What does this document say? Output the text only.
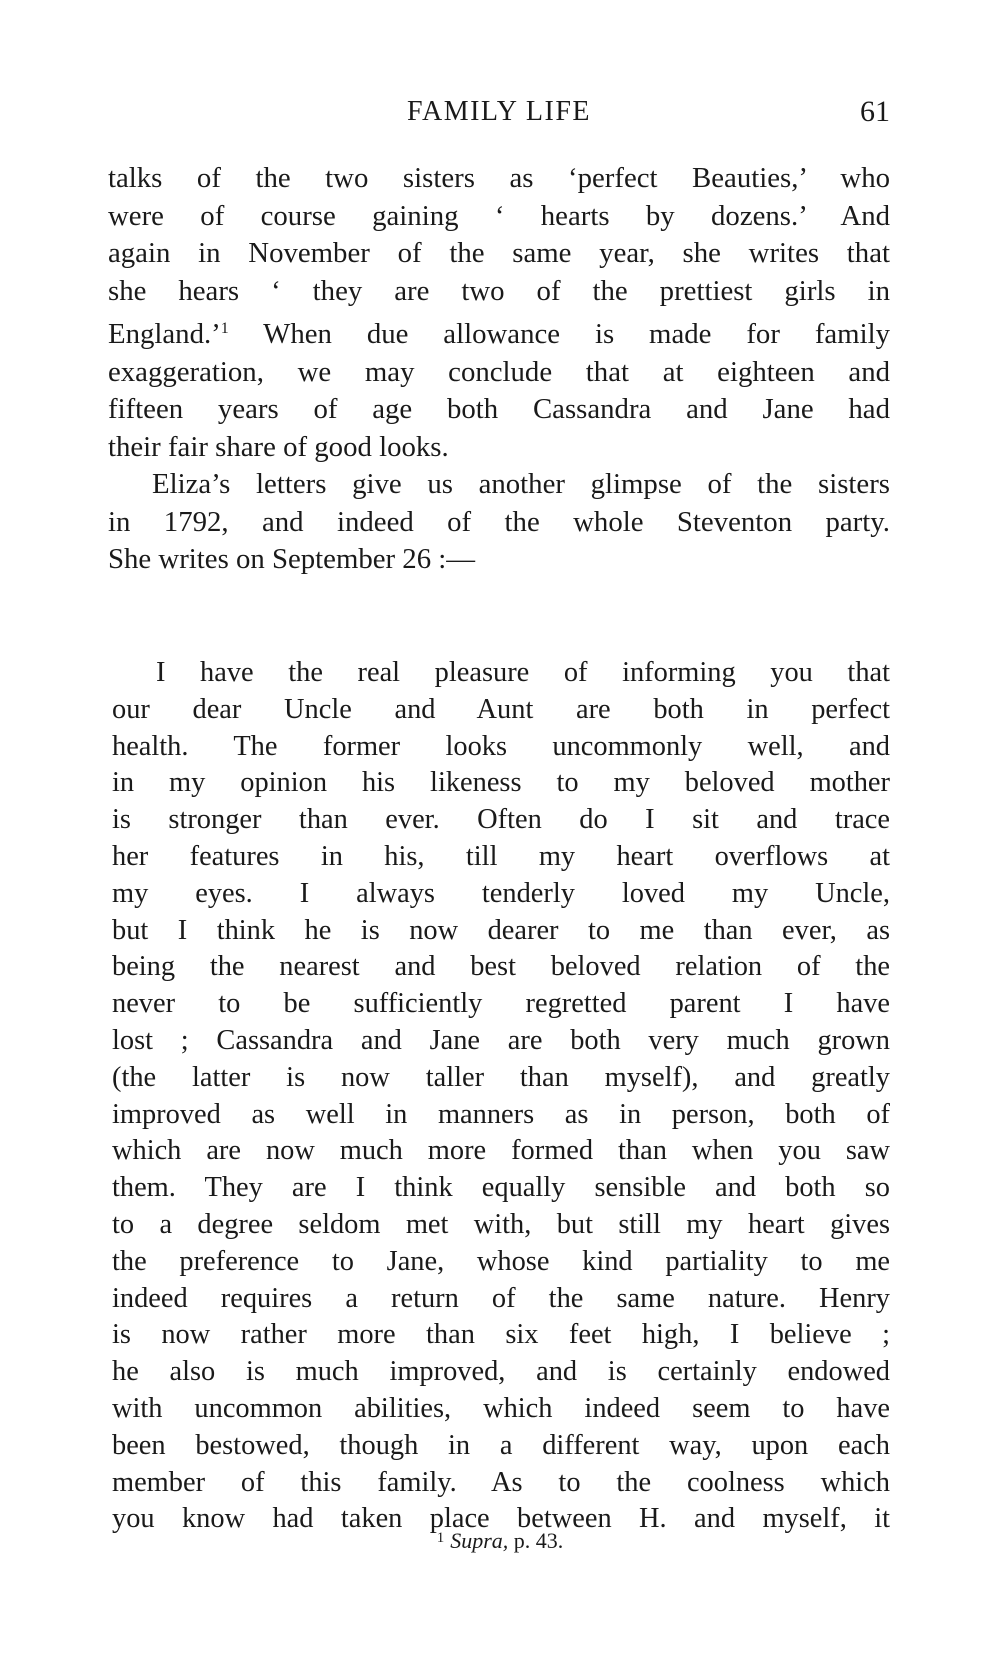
FAMILY LIFE	61
talks of the two sisters as ‘perfect Beauties,’ who
were of course gaining ‘ hearts by dozens.’ And
again in November of the same year, she writes that
she hears ‘ they are two of the prettiest girls in
England.’$^1$ When due allowance is made for family
exaggeration, we may conclude that at eighteen and
fifteen years of age both Cassandra and Jane had
their fair share of good looks.
Eliza’s letters give us another glimpse of the sisters
in 1792, and indeed of the whole Steventon party.
She writes on September 26 :—
I have the real pleasure of informing you that
our dear Uncle and Aunt are both in perfect
health. The former looks uncommonly well, and
in my opinion his likeness to my beloved mother
is stronger than ever. Often do I sit and trace
her features in his, till my heart overflows at
my eyes. I always tenderly loved my Uncle,
but I think he is now dearer to me than ever, as
being the nearest and best beloved relation of the
never to be sufficiently regretted parent I have
lost ; Cassandra and Jane are both very much grown
(the latter is now taller than myself), and greatly
improved as well in manners as in person, both of
which are now much more formed than when you saw
them. They are I think equally sensible and both so
to a degree seldom met with, but still my heart gives
the preference to Jane, whose kind partiality to me
indeed requires a return of the same nature. Henry
is now rather more than six feet high, I believe ;
he also is much improved, and is certainly endowed
with uncommon abilities, which indeed seem to have
been bestowed, though in a different way, upon each
member of this family. As to the coolness which
you know had taken place between H. and myself, it
$^1$ Supra, p. 43.
